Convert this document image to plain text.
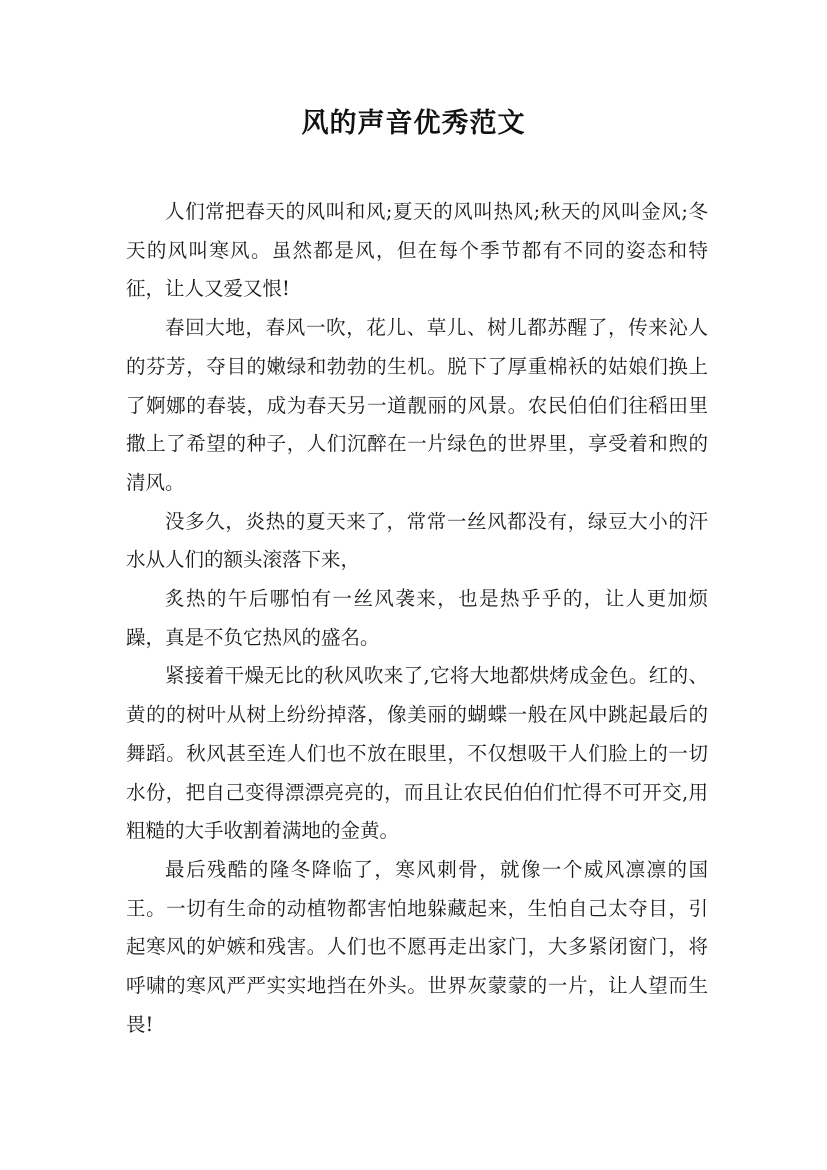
风的声音优秀范文

人们常把春天的风叫和风;夏天的风叫热风;秋天的风叫金风;冬天的风叫寒风。虽然都是风，但在每个季节都有不同的姿态和特征，让人又爱又恨!

春回大地，春风一吹，花儿、草儿、树儿都苏醒了，传来沁人的芬芳，夺目的嫩绿和勃勃的生机。脱下了厚重棉袄的姑娘们换上了婀娜的春装，成为春天另一道靓丽的风景。农民伯伯们往稻田里撒上了希望的种子，人们沉醉在一片绿色的世界里，享受着和煦的清风。

没多久，炎热的夏天来了，常常一丝风都没有，绿豆大小的汗水从人们的额头滚落下来，

炙热的午后哪怕有一丝风袭来，也是热乎乎的，让人更加烦躁，真是不负它热风的盛名。

紧接着干燥无比的秋风吹来了,它将大地都烘烤成金色。红的、黄的的树叶从树上纷纷掉落，像美丽的蝴蝶一般在风中跳起最后的舞蹈。秋风甚至连人们也不放在眼里，不仅想吸干人们脸上的一切水份，把自己变得漂漂亮亮的，而且让农民伯伯们忙得不可开交,用粗糙的大手收割着满地的金黄。

最后残酷的隆冬降临了，寒风刺骨，就像一个威风凛凛的国王。一切有生命的动植物都害怕地躲藏起来，生怕自己太夺目，引起寒风的妒嫉和残害。人们也不愿再走出家门，大多紧闭窗门，将呼啸的寒风严严实实地挡在外头。世界灰蒙蒙的一片，让人望而生畏!
